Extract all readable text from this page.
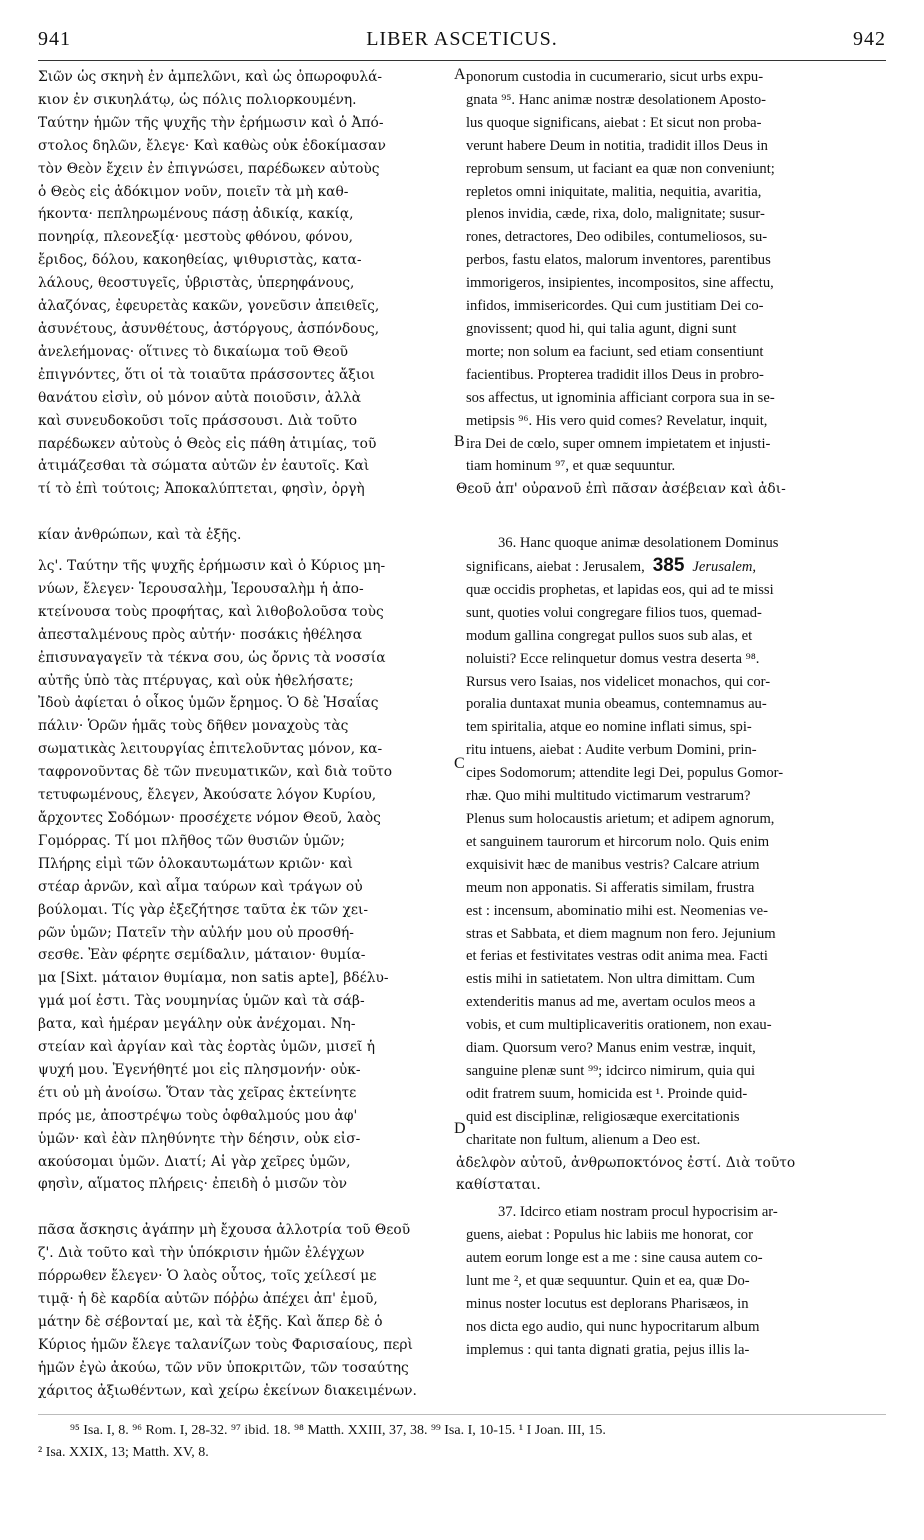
941	LIBER ASCETICUS.	942

Σιῶν ὡς σκηνὴ ἐν ἀμπελῶνι, καὶ ὡς ὀπωροφυλά-

κιον ἐν σικυηλάτῳ, ὡς πόλις πολιορκουμένη.

Ταύτην ἡμῶν τῆς ψυχῆς τὴν ἐρήμωσιν καὶ ὁ Ἀπό-

στολος δηλῶν, ἔλεγε· Καὶ καθὼς οὐκ ἐδοκίμασαν

τὸν Θεὸν ἔχειν ἐν ἐπιγνώσει, παρέδωκεν αὐτοὺς

ὁ Θεὸς εἰς ἀδόκιμον νοῦν, ποιεῖν τὰ μὴ καθ-

ήκοντα· πεπληρωμένους πάσῃ ἀδικίᾳ, κακίᾳ,

πονηρίᾳ, πλεονεξίᾳ· μεστοὺς φθόνου, φόνου,

ἔριδος, δόλου, κακοηθείας, ψιθυριστὰς, κατα-

λάλους, θεοστυγεῖς, ὑβριστὰς, ὑπερηφάνους,

ἀλαζόνας, ἐφευρετὰς κακῶν, γονεῦσιν ἀπειθεῖς,

ἀσυνέτους, ἀσυνθέτους, ἀστόργους, ἀσπόνδους,

ἀνελεήμονας· οἵτινες τὸ δικαίωμα τοῦ Θεοῦ

ἐπιγνόντες, ὅτι οἱ τὰ τοιαῦτα πράσσοντες ἄξιοι

θανάτου εἰσὶν, οὐ μόνον αὐτὰ ποιοῦσιν, ἀλλὰ

καὶ συνευδοκοῦσι τοῖς πράσσουσι. Διὰ τοῦτο

παρέδωκεν αὐτοὺς ὁ Θεὸς εἰς πάθη ἀτιμίας, τοῦ

ἀτιμάζεσθαι τὰ σώματα αὐτῶν ἐν ἑαυτοῖς. Καὶ

τί τὸ ἐπὶ τούτοις; Ἀποκαλύπτεται, φησὶν, ὀργὴ

κίαν ἀνθρώπων, καὶ τὰ ἑξῆς.

λς'. Ταύτην τῆς ψυχῆς ἐρήμωσιν καὶ ὁ Κύριος μη-

νύων, ἔλεγεν· Ἱερουσαλὴμ, Ἱερουσαλὴμ ἡ ἀπο-

κτείνουσα τοὺς προφήτας, καὶ λιθοβολοῦσα τοὺς

ἀπεσταλμένους πρὸς αὐτήν· ποσάκις ἠθέλησα

ἐπισυναγαγεῖν τὰ τέκνα σου, ὡς ὄρνις τὰ νοσσία

αὐτῆς ὑπὸ τὰς πτέρυγας, καὶ οὐκ ἠθελήσατε;

Ἰδοὺ ἀφίεται ὁ οἶκος ὑμῶν ἔρημος. Ὁ δὲ Ἡσαΐας

πάλιν· Ὁρῶν ἡμᾶς τοὺς δῆθεν μοναχοὺς τὰς

σωματικὰς λειτουργίας ἐπιτελοῦντας μόνον, κα-

ταφρονοῦντας δὲ τῶν πνευματικῶν, καὶ διὰ τοῦτο

τετυφωμένους, ἔλεγεν, Ἀκούσατε λόγον Κυρίου,

ἄρχοντες Σοδόμων· προσέχετε νόμον Θεοῦ, λαὸς

Γομόρρας. Τί μοι πλῆθος τῶν θυσιῶν ὑμῶν;

Πλήρης εἰμὶ τῶν ὁλοκαυτωμάτων κριῶν· καὶ

στέαρ ἀρνῶν, καὶ αἷμα ταύρων καὶ τράγων οὐ

βούλομαι. Τίς γὰρ ἐξεζήτησε ταῦτα ἐκ τῶν χει-

ρῶν ὑμῶν; Πατεῖν τὴν αὐλήν μου οὐ προσθή-

σεσθε. Ἐὰν φέρητε σεμίδαλιν, μάταιον· θυμία-

μα [Sixt. μάταιον θυμίαμα, non satis apte], βδέλυ-

γμά μοί ἐστι. Τὰς νουμηνίας ὑμῶν καὶ τὰ σάβ-

βατα, καὶ ἡμέραν μεγάλην οὐκ ἀνέχομαι. Νη-

στείαν καὶ ἀργίαν καὶ τὰς ἑορτὰς ὑμῶν, μισεῖ ἡ

ψυχή μου. Ἐγενήθητέ μοι εἰς πλησμονήν· οὐκ-

έτι οὐ μὴ ἀνοίσω. Ὅταν τὰς χεῖρας ἐκτείνητε

πρός με, ἀποστρέψω τοὺς ὀφθαλμούς μου ἀφ'

ὑμῶν· καὶ ἐὰν πληθύνητε τὴν δέησιν, οὐκ εἰσ-

ακούσομαι ὑμῶν. Διατί; Αἱ γὰρ χεῖρες ὑμῶν,

φησὶν, αἵματος πλήρεις· ἐπειδὴ ὁ μισῶν τὸν

πᾶσα ἄσκησις ἀγάπην μὴ ἔχουσα ἀλλοτρία τοῦ Θεοῦ

ζ'. Διὰ τοῦτο καὶ τὴν ὑπόκρισιν ἡμῶν ἐλέγχων

πόρρωθεν ἔλεγεν· Ὁ λαὸς οὗτος, τοῖς χείλεσί με

τιμᾷ· ἡ δὲ καρδία αὐτῶν πόῤῥω ἀπέχει ἀπ' ἐμοῦ,

μάτην δὲ σέβονταί με, καὶ τὰ ἑξῆς. Καὶ ἅπερ δὲ ὁ

Κύριος ἡμῶν ἔλεγε ταλανίζων τοὺς Φαρισαίους, περὶ

ἡμῶν ἐγὼ ἀκούω, τῶν νῦν ὑποκριτῶν, τῶν τοσαύτης

χάριτος ἀξιωθέντων, καὶ χείρω ἐκείνων διακειμένων.

ponorum custodia in cucumerario, sicut urbs expu-

gnata ⁹⁵. Hanc animæ nostræ desolationem Aposto-

lus quoque significans, aiebat : Et sicut non proba-

verunt habere Deum in notitia, tradidit illos Deus in

reprobum sensum, ut faciant ea quæ non conveniunt;

repletos omni iniquitate, malitia, nequitia, avaritia,

plenos invidia, cæde, rixa, dolo, malignitate; susur-

rones, detractores, Deo odibiles, contumeliosos, su-

perbos, fastu elatos, malorum inventores, parentibus

immorigeros, insipientes, incompositos, sine affectu,

infidos, immisericordes. Qui cum justitiam Dei co-

gnovissent; quod hi, qui talia agunt, digni sunt

morte; non solum ea faciunt, sed etiam consentiunt

facientibus. Propterea tradidit illos Deus in probro-

sos affectus, ut ignominia afficiant corpora sua in se-

metipsis ⁹⁶. His vero quid comes? Revelatur, inquit,

ira Dei de cœlo, super omnem impietatem et injusti-

tiam hominum ⁹⁷, et quæ sequuntur.

Θεοῦ ἀπ' οὐρανοῦ ἐπὶ πᾶσαν ἀσέβειαν καὶ ἀδι-

36. Hanc quoque animæ desolationem Dominus

significans, aiebat : Jerusalem, 385 Jerusalem,

quæ occidis prophetas, et lapidas eos, qui ad te missi

sunt, quoties volui congregare filios tuos, quemad-

modum gallina congregat pullos suos sub alas, et

noluisti? Ecce relinquetur domus vestra deserta ⁹⁸.

Rursus vero Isaias, nos videlicet monachos, qui cor-

poralia duntaxat munia obeamus, contemnamus au-

tem spiritalia, atque eo nomine inflati simus, spi-

ritu intuens, aiebat : Audite verbum Domini, prin-

cipes Sodomorum; attendite legi Dei, populus Gomor-

rhæ. Quo mihi multitudo victimarum vestrarum?

Plenus sum holocaustis arietum; et adipem agnorum,

et sanguinem taurorum et hircorum nolo. Quis enim

exquisivit hæc de manibus vestris? Calcare atrium

meum non apponatis. Si afferatis similam, frustra

est : incensum, abominatio mihi est. Neomenias ve-

stras et Sabbata, et diem magnum non fero. Jejunium

et ferias et festivitates vestras odit anima mea. Facti

estis mihi in satietatem. Non ultra dimittam. Cum

extenderitis manus ad me, avertam oculos meos a

vobis, et cum multiplicaveritis orationem, non exau-

diam. Quorsum vero? Manus enim vestræ, inquit,

sanguine plenæ sunt ⁹⁹; idcirco nimirum, quia qui

odit fratrem suum, homicida est ¹. Proinde quid-

quid est disciplinæ, religiosæque exercitationis

charitate non fultum, alienum a Deo est.

ἀδελφὸν αὐτοῦ, ἀνθρωποκτόνος ἐστί. Διὰ τοῦτο

καθίσταται.

37. Idcirco etiam nostram procul hypocrisim ar-

guens, aiebat : Populus hic labiis me honorat, cor

autem eorum longe est a me : sine causa autem co-

lunt me ², et quæ sequuntur. Quin et ea, quæ Do-

minus noster locutus est deplorans Pharisæos, in

nos dicta ego audio, qui nunc hypocritarum album

implemus : qui tanta dignati gratia, pejus illis la-

A
B
C
D

⁹⁵ Isa. I, 8. ⁹⁶ Rom. I, 28-32. ⁹⁷ ibid. 18. ⁹⁸ Matth. XXIII, 37, 38. ⁹⁹ Isa. I, 10-15. ¹ I Joan. III, 15.

² Isa. XXIX, 13; Matth. XV, 8.
